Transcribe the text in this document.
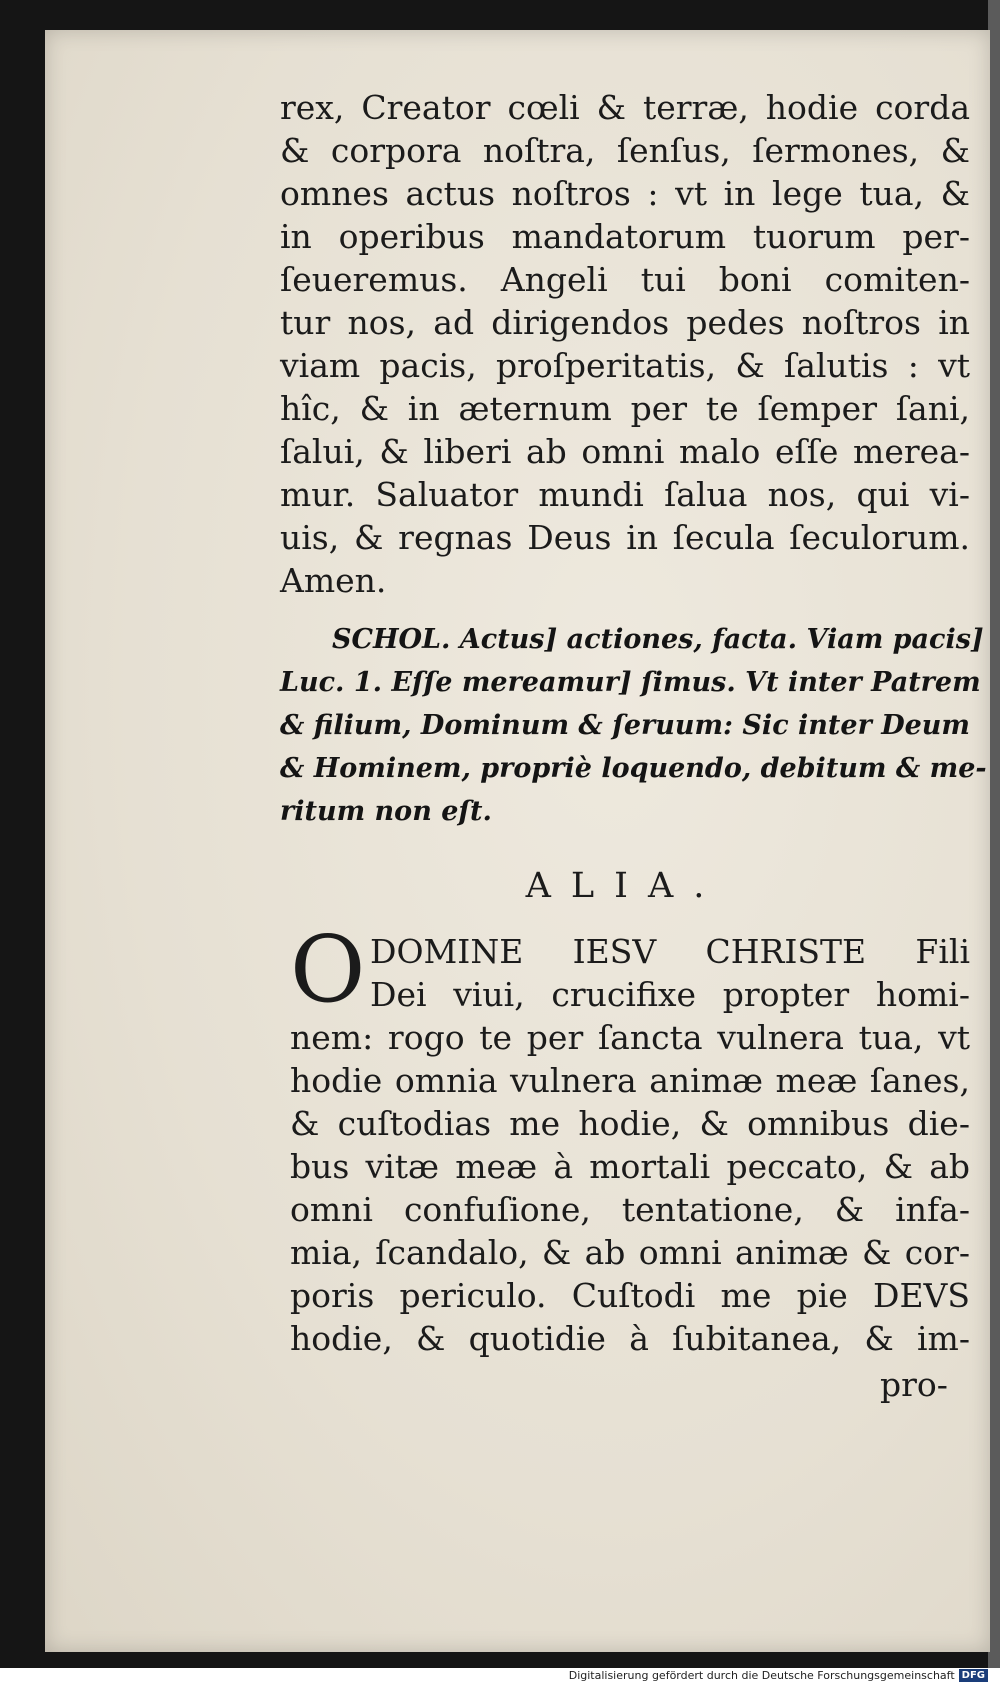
rex, Creator cœli & terræ, hodie corda
& corpora noſtra, ſenſus, ſermones, &
omnes actus noſtros : vt in lege tua, &
in operibus mandatorum tuorum per-
ſeueremus. Angeli tui boni comiten-
tur nos, ad dirigendos pedes noſtros in
viam pacis, proſperitatis, & ſalutis : vt
hîc, & in æternum per te ſemper ſani,
ſalui, & liberi ab omni malo eſſe merea-
mur. Saluator mundi ſalua nos, qui vi-
uis, & regnas Deus in ſecula ſeculorum.
Amen.
SCHOL. Actus] actiones, facta. Viam pacis]
Luc. 1. Eſſe mereamur] ſimus. Vt inter Patrem
& filium, Dominum & ſeruum: Sic inter Deum
& Hominem, propriè loquendo, debitum & me-
ritum non eſt.
ALIA.
O DOMINE IESV CHRISTE Fili
Dei viui, crucifixe propter homi-
nem: rogo te per ſancta vulnera tua, vt
hodie omnia vulnera animæ meæ ſanes,
& cuſtodias me hodie, & omnibus die-
bus vitæ meæ à mortali peccato, & ab
omni confuſione, tentatione, & infa-
mia, ſcandalo, & ab omni animæ & cor-
poris periculo. Cuſtodi me pie DEVS
hodie, & quotidie à ſubitanea, & im-
pro-
Digitalisierung gefördert durch die Deutsche Forschungsgemeinschaft DFG
